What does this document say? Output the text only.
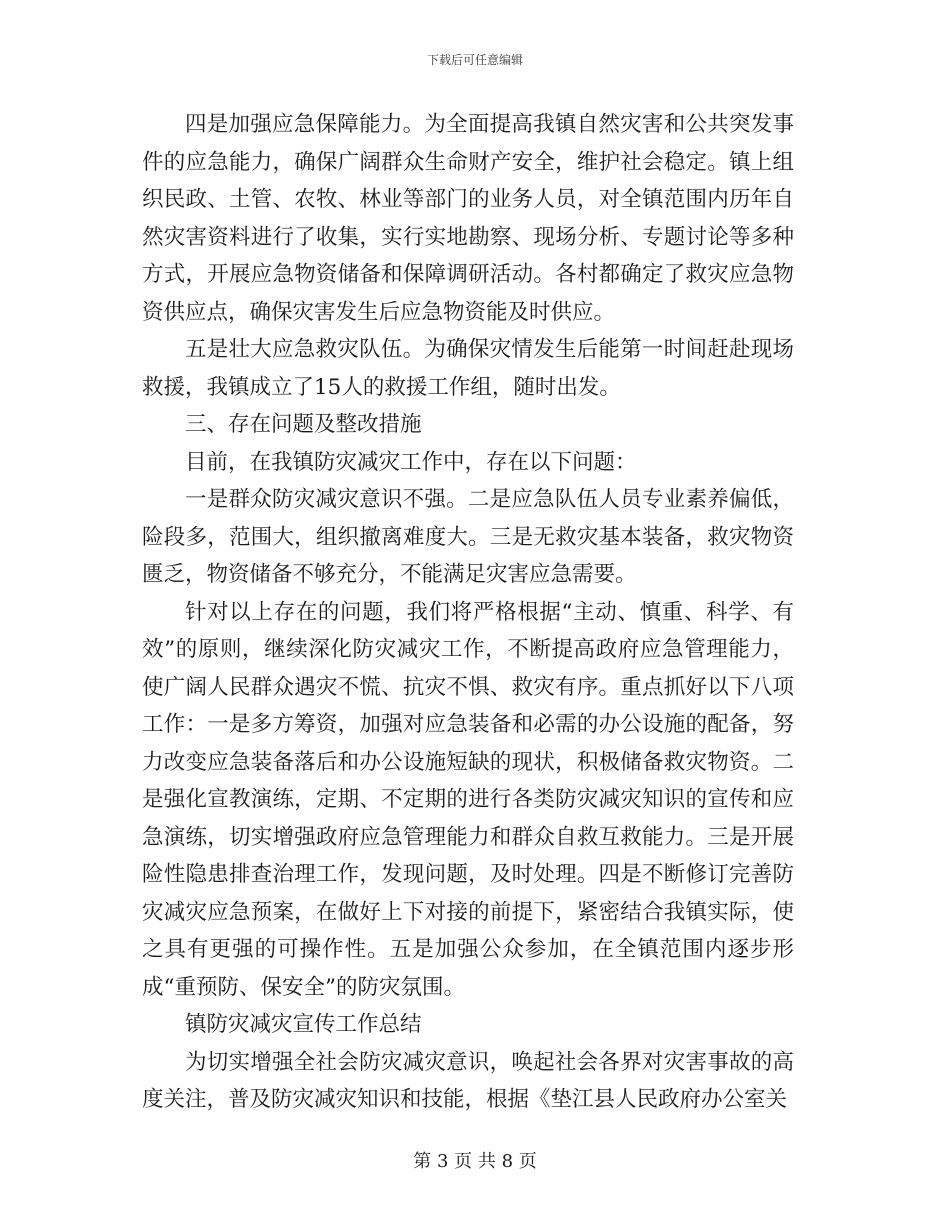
下载后可任意编辑

四是加强应急保障能力。为全面提高我镇自然灾害和公共突发事件的应急能力，确保广阔群众生命财产安全，维护社会稳定。镇上组织民政、土管、农牧、林业等部门的业务人员，对全镇范围内历年自然灾害资料进行了收集，实行实地勘察、现场分析、专题讨论等多种方式，开展应急物资储备和保障调研活动。各村都确定了救灾应急物资供应点，确保灾害发生后应急物资能及时供应。

五是壮大应急救灾队伍。为确保灾情发生后能第一时间赶赴现场救援，我镇成立了15人的救援工作组，随时出发。

三、存在问题及整改措施

目前，在我镇防灾减灾工作中，存在以下问题：

一是群众防灾减灾意识不强。二是应急队伍人员专业素养偏低，险段多，范围大，组织撤离难度大。三是无救灾基本装备，救灾物资匮乏，物资储备不够充分，不能满足灾害应急需要。

针对以上存在的问题，我们将严格根据“主动、慎重、科学、有效”的原则，继续深化防灾减灾工作，不断提高政府应急管理能力，使广阔人民群众遇灾不慌、抗灾不惧、救灾有序。重点抓好以下八项工作：一是多方筹资，加强对应急装备和必需的办公设施的配备，努力改变应急装备落后和办公设施短缺的现状，积极储备救灾物资。二是强化宣教演练，定期、不定期的进行各类防灾减灾知识的宣传和应急演练，切实增强政府应急管理能力和群众自救互救能力。三是开展险性隐患排查治理工作，发现问题，及时处理。四是不断修订完善防灾减灾应急预案，在做好上下对接的前提下，紧密结合我镇实际，使之具有更强的可操作性。五是加强公众参加，在全镇范围内逐步形成“重预防、保安全”的防灾氛围。

镇防灾减灾宣传工作总结

为切实增强全社会防灾减灾意识，唤起社会各界对灾害事故的高度关注，普及防灾减灾知识和技能，根据《垫江县人民政府办公室关

第 3 页 共 8 页
